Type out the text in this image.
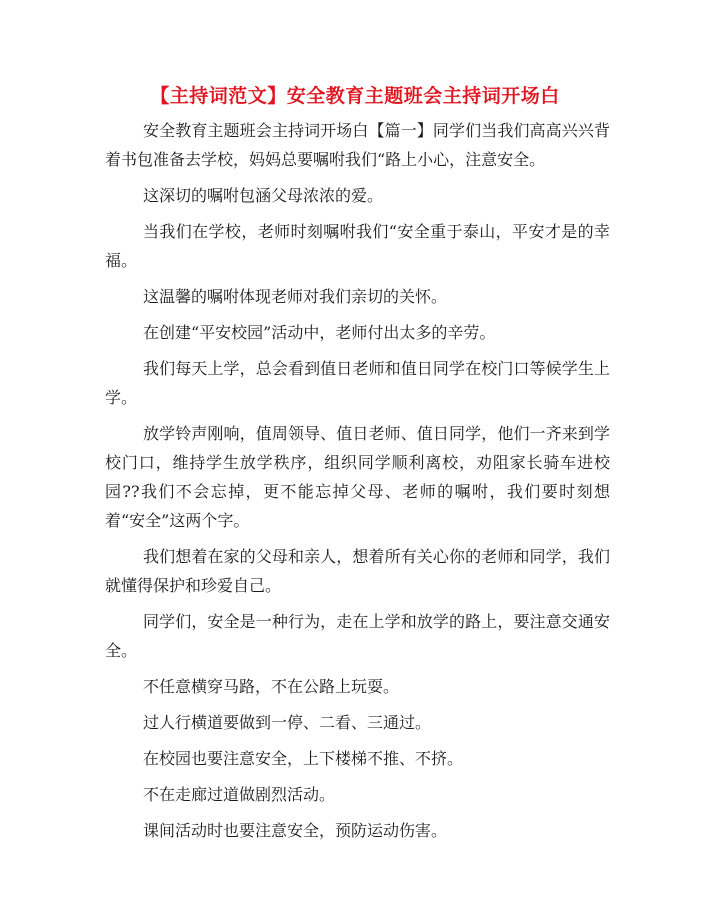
【主持词范文】安全教育主题班会主持词开场白

安全教育主题班会主持词开场白【篇一】同学们当我们高高兴兴背着书包准备去学校，妈妈总要嘱咐我们“路上小心，注意安全。

这深切的嘱咐包涵父母浓浓的爱。

当我们在学校，老师时刻嘱咐我们“安全重于泰山，平安才是的幸福。

这温馨的嘱咐体现老师对我们亲切的关怀。

在创建“平安校园”活动中，老师付出太多的辛劳。

我们每天上学，总会看到值日老师和值日同学在校门口等候学生上学。

放学铃声刚响，值周领导、值日老师、值日同学，他们一齐来到学校门口，维持学生放学秩序，组织同学顺利离校，劝阻家长骑车进校园??我们不会忘掉，更不能忘掉父母、老师的嘱咐，我们要时刻想着“安全”这两个字。

我们想着在家的父母和亲人，想着所有关心你的老师和同学，我们就懂得保护和珍爱自己。

同学们，安全是一种行为，走在上学和放学的路上，要注意交通安全。

不任意横穿马路，不在公路上玩耍。

过人行横道要做到一停、二看、三通过。

在校园也要注意安全，上下楼梯不推、不挤。

不在走廊过道做剧烈活动。

课间活动时也要注意安全，预防运动伤害。
